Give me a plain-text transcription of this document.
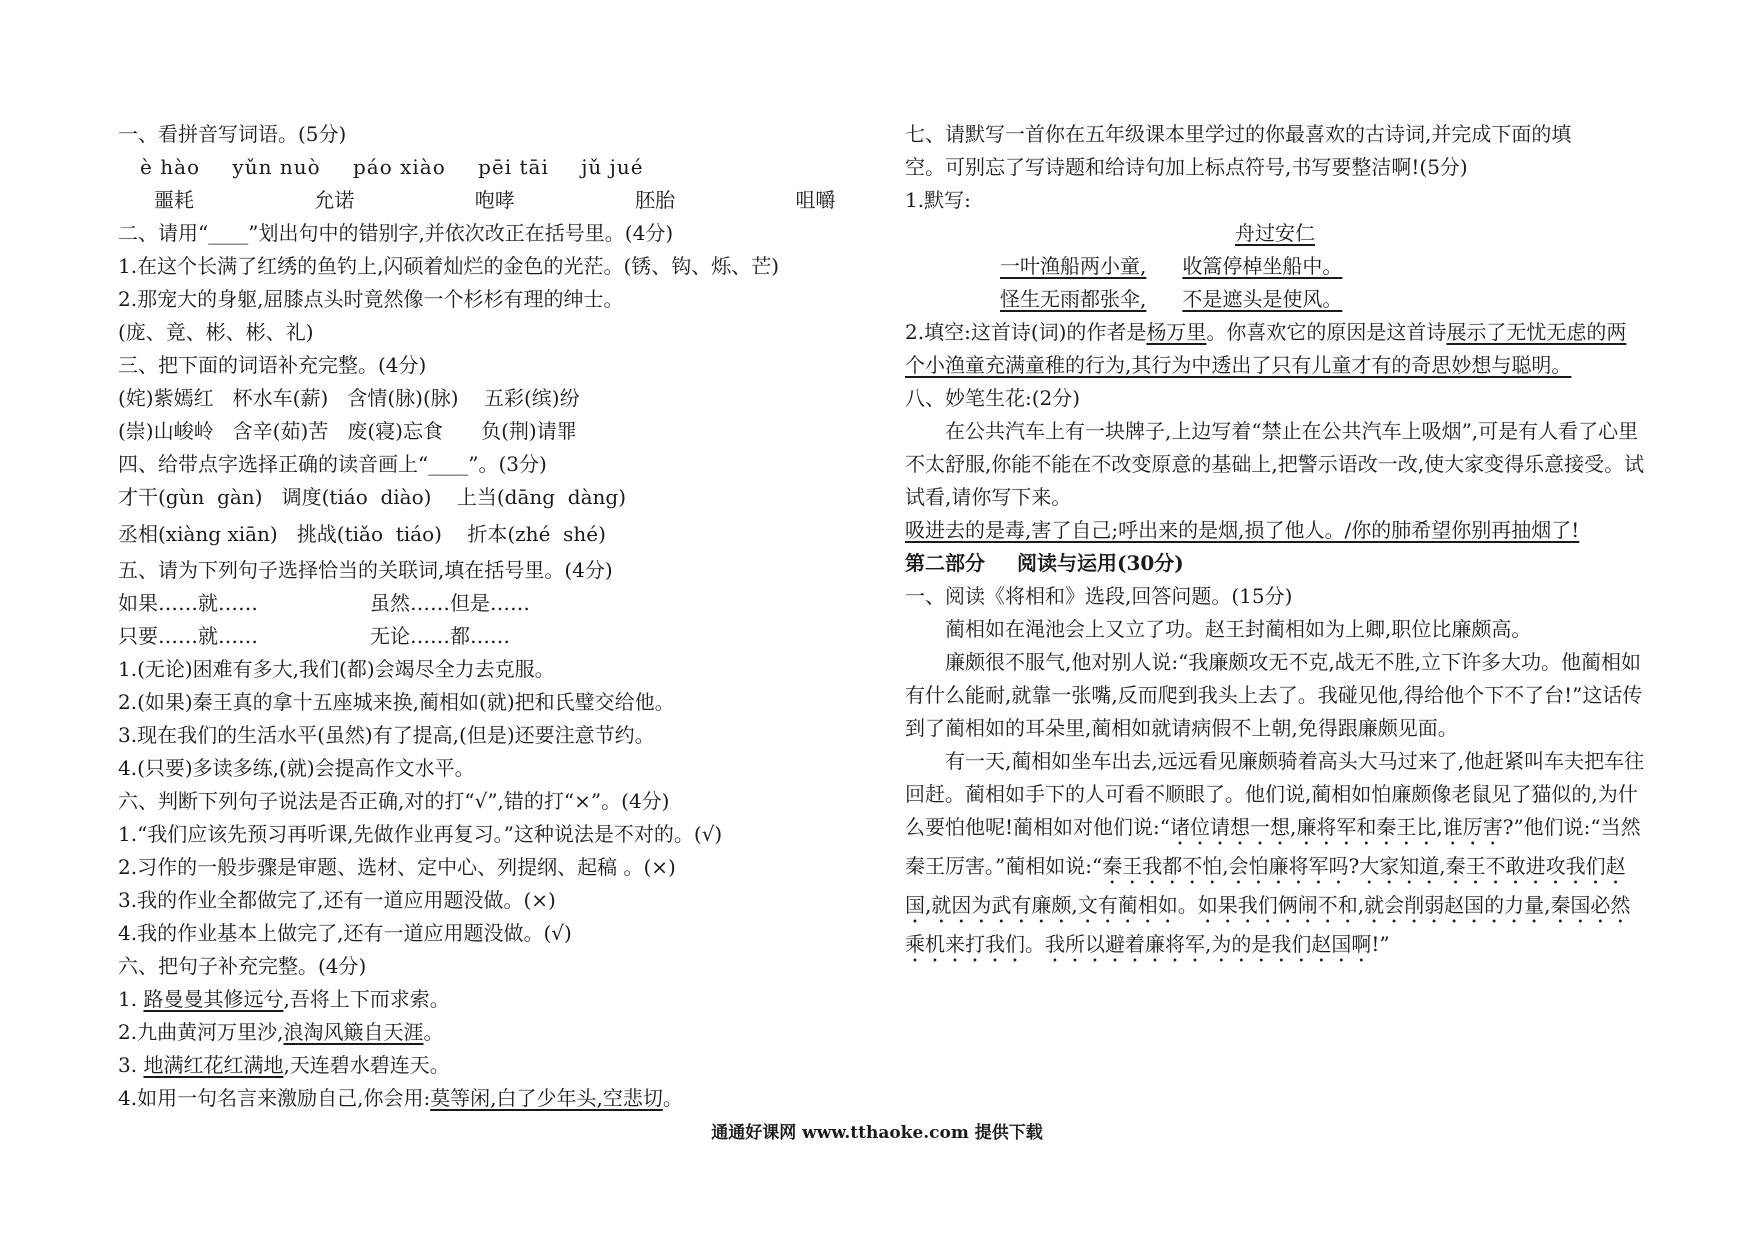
一、看拼音写词语。(5分)
è hào yǔn nuò páo xiào pēi tāi jǔ jué
噩耗	允诺	咆哮	胚胎	咀嚼
二、请用“____”划出句中的错别字,并依次改正在括号里。(4分)
1.在这个长满了红绣的鱼钓上,闪硕着灿烂的金色的光茫。(锈、钩、烁、芒)
2.那宠大的身躯,屈膝点头时竟然像一个杉杉有理的绅士。
(庞、竟、彬、彬、礼)
三、把下面的词语补充完整。(4分)
(姹)紫嫣红   杯水车(薪)   含情(脉)(脉)    五彩(缤)纷
(崇)山峻岭   含辛(茹)苦   废(寝)忘食      负(荆)请罪
四、给带点字选择正确的读音画上“____”。(3分)
才干(gùn  gàn)   调度(tiáo  diào)    上当(dāng  dàng)
丞相(xiàng xiān)   挑战(tiǎo  tiáo)    折本(zhé  shé)
五、请为下列句子选择恰当的关联词,填在括号里。(4分)
如果……就……	虽然……但是……
只要……就……	无论……都……
1.(无论)困难有多大,我们(都)会竭尽全力去克服。
2.(如果)秦王真的拿十五座城来换,蔺相如(就)把和氏璧交给他。
3.现在我们的生活水平(虽然)有了提高,(但是)还要注意节约。
4.(只要)多读多练,(就)会提高作文水平。
六、判断下列句子说法是否正确,对的打“√”,错的打“×”。(4分)
1.“我们应该先预习再听课,先做作业再复习。”这种说法是不对的。(√)
2.习作的一般步骤是审题、选材、定中心、列提纲、起稿 。(×)
3.我的作业全都做完了,还有一道应用题没做。(×)
4.我的作业基本上做完了,还有一道应用题没做。(√)
六、把句子补充完整。(4分)
1. 路曼曼其修远兮,吾将上下而求索。
2.九曲黄河万里沙,浪淘风簸自天涯。
3. 地满红花红满地,天连碧水碧连天。
4.如用一句名言来激励自己,你会用:莫等闲,白了少年头,空悲切。
七、请默写一首你在五年级课本里学过的你最喜欢的古诗词,并完成下面的填
空。可别忘了写诗题和给诗句加上标点符号,书写要整洁啊!(5分)
1.默写:
舟过安仁
一叶渔船两小童, 收篙停棹坐船中。
怪生无雨都张伞, 不是遮头是使风。
2.填空:这首诗(词)的作者是杨万里。你喜欢它的原因是这首诗展示了无忧无虑的两个小渔童充满童稚的行为,其行为中透出了只有儿童才有的奇思妙想与聪明。
八、妙笔生花:(2分)
在公共汽车上有一块牌子,上边写着“禁止在公共汽车上吸烟”,可是有人看了心里不太舒服,你能不能在不改变原意的基础上,把警示语改一改,使大家变得乐意接受。试试看,请你写下来。
吸进去的是毒,害了自己;呼出来的是烟,损了他人。/你的肺希望你别再抽烟了!
第二部分 阅读与运用(30分)
一、阅读《将相和》选段,回答问题。(15分)
蔺相如在渑池会上又立了功。赵王封蔺相如为上卿,职位比廉颇高。
廉颇很不服气,他对别人说:“我廉颇攻无不克,战无不胜,立下许多大功。他蔺相如有什么能耐,就靠一张嘴,反而爬到我头上去了。我碰见他,得给他个下不了台!”这话传到了蔺相如的耳朵里,蔺相如就请病假不上朝,免得跟廉颇见面。
有一天,蔺相如坐车出去,远远看见廉颇骑着高头大马过来了,他赶紧叫车夫把车往回赶。蔺相如手下的人可看不顺眼了。他们说,蔺相如怕廉颇像老鼠见了猫似的,为什么要怕他呢!蔺相如对他们说:“诸位请想一想,廉将军和秦王比,谁厉害?”他们说:“当然秦王厉害。”蔺相如说:“秦王我都不怕,会怕廉将军吗?大家知道,秦王不敢进攻我们赵国,就因为武有廉颇,文有蔺相如。如果我们俩闹不和,就会削弱赵国的力量,秦国必然乘机来打我们。我所以避着廉将军,为的是我们赵国啊!”
通通好课网 www.tthaoke.com 提供下载
